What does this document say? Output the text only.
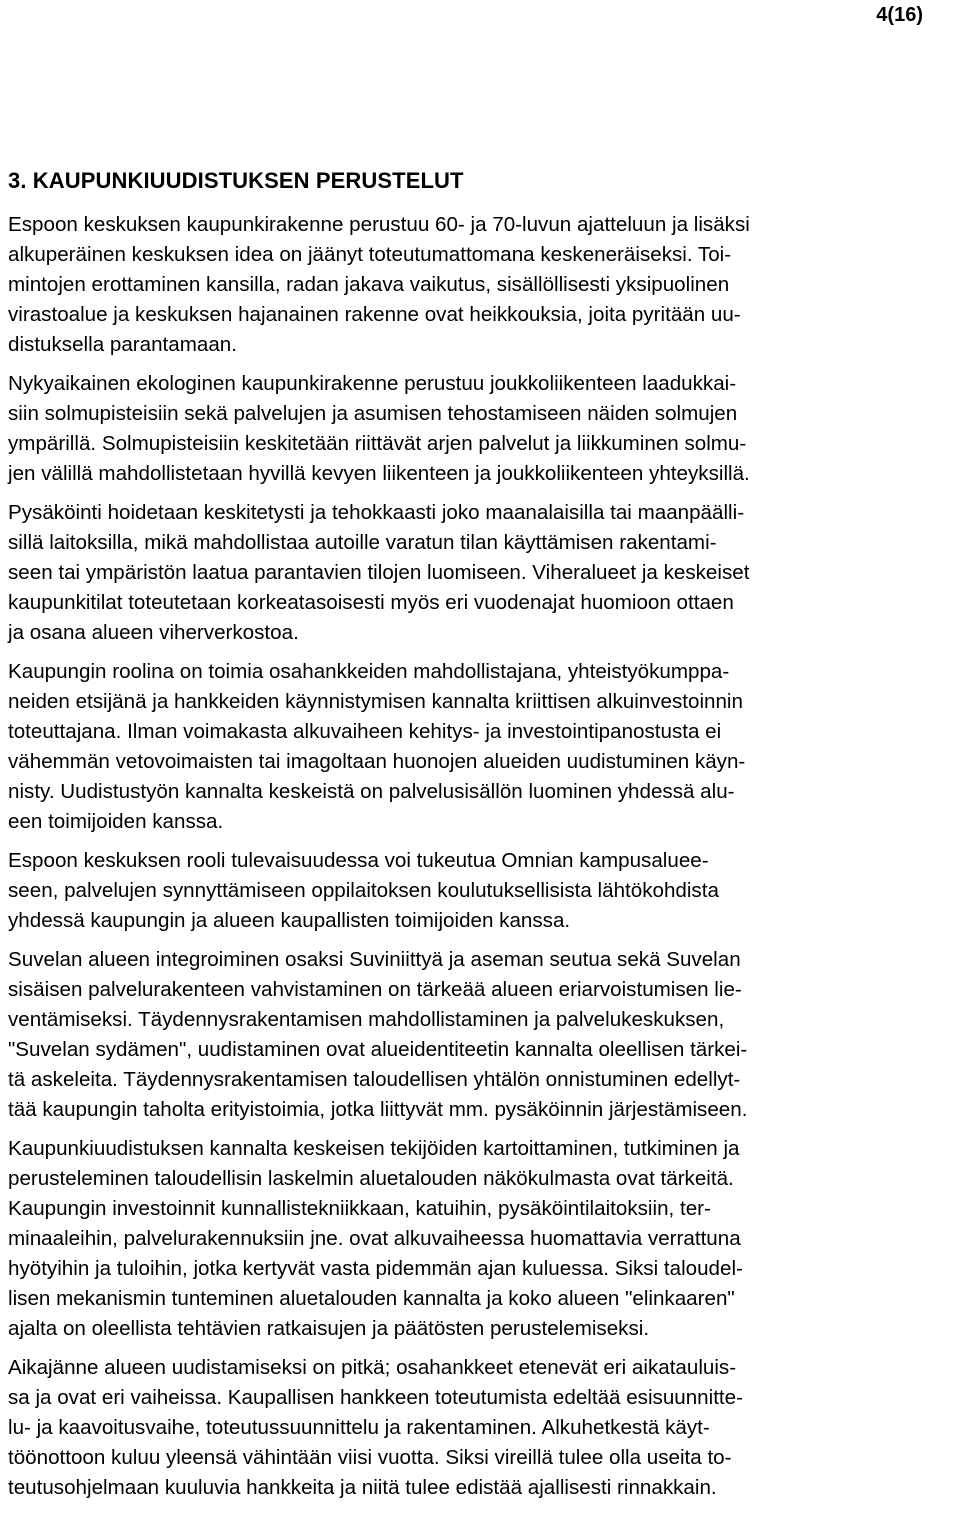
4(16)
3. KAUPUNKIUUDISTUKSEN PERUSTELUT

Espoon keskuksen kaupunkirakenne perustuu 60- ja 70-luvun ajatteluun ja lisäksi
alkuperäinen keskuksen idea on jäänyt toteutumattomana keskeneräiseksi. Toi-
mintojen erottaminen kansilla, radan jakava vaikutus, sisällöllisesti yksipuolinen
virastoalue ja keskuksen hajanainen rakenne ovat heikkouksia, joita pyritään uu-
distuksella parantamaan.

Nykyaikainen ekologinen kaupunkirakenne perustuu joukkoliikenteen laadukkai-
siin solmupisteisiin sekä palvelujen ja asumisen tehostamiseen näiden solmujen
ympärillä. Solmupisteisiin keskitetään riittävät arjen palvelut ja liikkuminen solmu-
jen välillä mahdollistetaan hyvillä kevyen liikenteen ja joukkoliikenteen yhteyksillä.

Pysäköinti hoidetaan keskitetysti ja tehokkaasti joko maanalaisilla tai maanpäälli-
sillä laitoksilla, mikä mahdollistaa autoille varatun tilan käyttämisen rakentami-
seen tai ympäristön laatua parantavien tilojen luomiseen. Viheralueet ja keskeiset
kaupunkitilat toteutetaan korkeatasoisesti myös eri vuodenajat huomioon ottaen
ja osana alueen viherverkostoa.

Kaupungin roolina on toimia osahankkeiden mahdollistajana, yhteistyökumppa-
neiden etsijänä ja hankkeiden käynnistymisen kannalta kriittisen alkuinvestoinnin
toteuttajana. Ilman voimakasta alkuvaiheen kehitys- ja investointipanostusta ei
vähemmän vetovoimaisten tai imagoltaan huonojen alueiden uudistuminen käyn-
nisty. Uudistustyön kannalta keskeistä on palvelusisällön luominen yhdessä alu-
een toimijoiden kanssa.

Espoon keskuksen rooli tulevaisuudessa voi tukeutua Omnian kampusaluee-
seen, palvelujen synnyttämiseen oppilaitoksen koulutuksellisista lähtökohdista
yhdessä kaupungin ja alueen kaupallisten toimijoiden kanssa.

Suvelan alueen integroiminen osaksi Suviniittyä ja aseman seutua sekä Suvelan
sisäisen palvelurakenteen vahvistaminen on tärkeää alueen eriarvoistumisen lie-
ventämiseksi. Täydennysrakentamisen mahdollistaminen ja palvelukeskuksen,
"Suvelan sydämen", uudistaminen ovat alueidentiteetin kannalta oleellisen tärkei-
tä askeleita. Täydennysrakentamisen taloudellisen yhtälön onnistuminen edellyt-
tää kaupungin taholta erityistoimia, jotka liittyvät mm. pysäköinnin järjestämiseen.

Kaupunkiuudistuksen kannalta keskeisen tekijöiden kartoittaminen, tutkiminen ja
perusteleminen taloudellisin laskelmin aluetalouden näkökulmasta ovat tärkeitä.
Kaupungin investoinnit kunnallistekniikkaan, katuihin, pysäköintilaitoksiin, ter-
minaaleihin, palvelurakennuksiin jne. ovat alkuvaiheessa huomattavia verrattuna
hyötyihin ja tuloihin, jotka kertyvät vasta pidemmän ajan kuluessa. Siksi taloudel-
lisen mekanismin tunteminen aluetalouden kannalta ja koko alueen "elinkaaren"
ajalta on oleellista tehtävien ratkaisujen ja päätösten perustelemiseksi.

Aikajänne alueen uudistamiseksi on pitkä; osahankkeet etenevät eri aikatauluis-
sa ja ovat eri vaiheissa. Kaupallisen hankkeen toteutumista edeltää esisuunnitte-
lu- ja kaavoitusvaihe, toteutussuunnittelu ja rakentaminen. Alkuhetkestä käyt-
töönottoon kuluu yleensä vähintään viisi vuotta. Siksi vireillä tulee olla useita to-
teutusohjelmaan kuuluvia hankkeita ja niitä tulee edistää ajallisesti rinnakkain.
